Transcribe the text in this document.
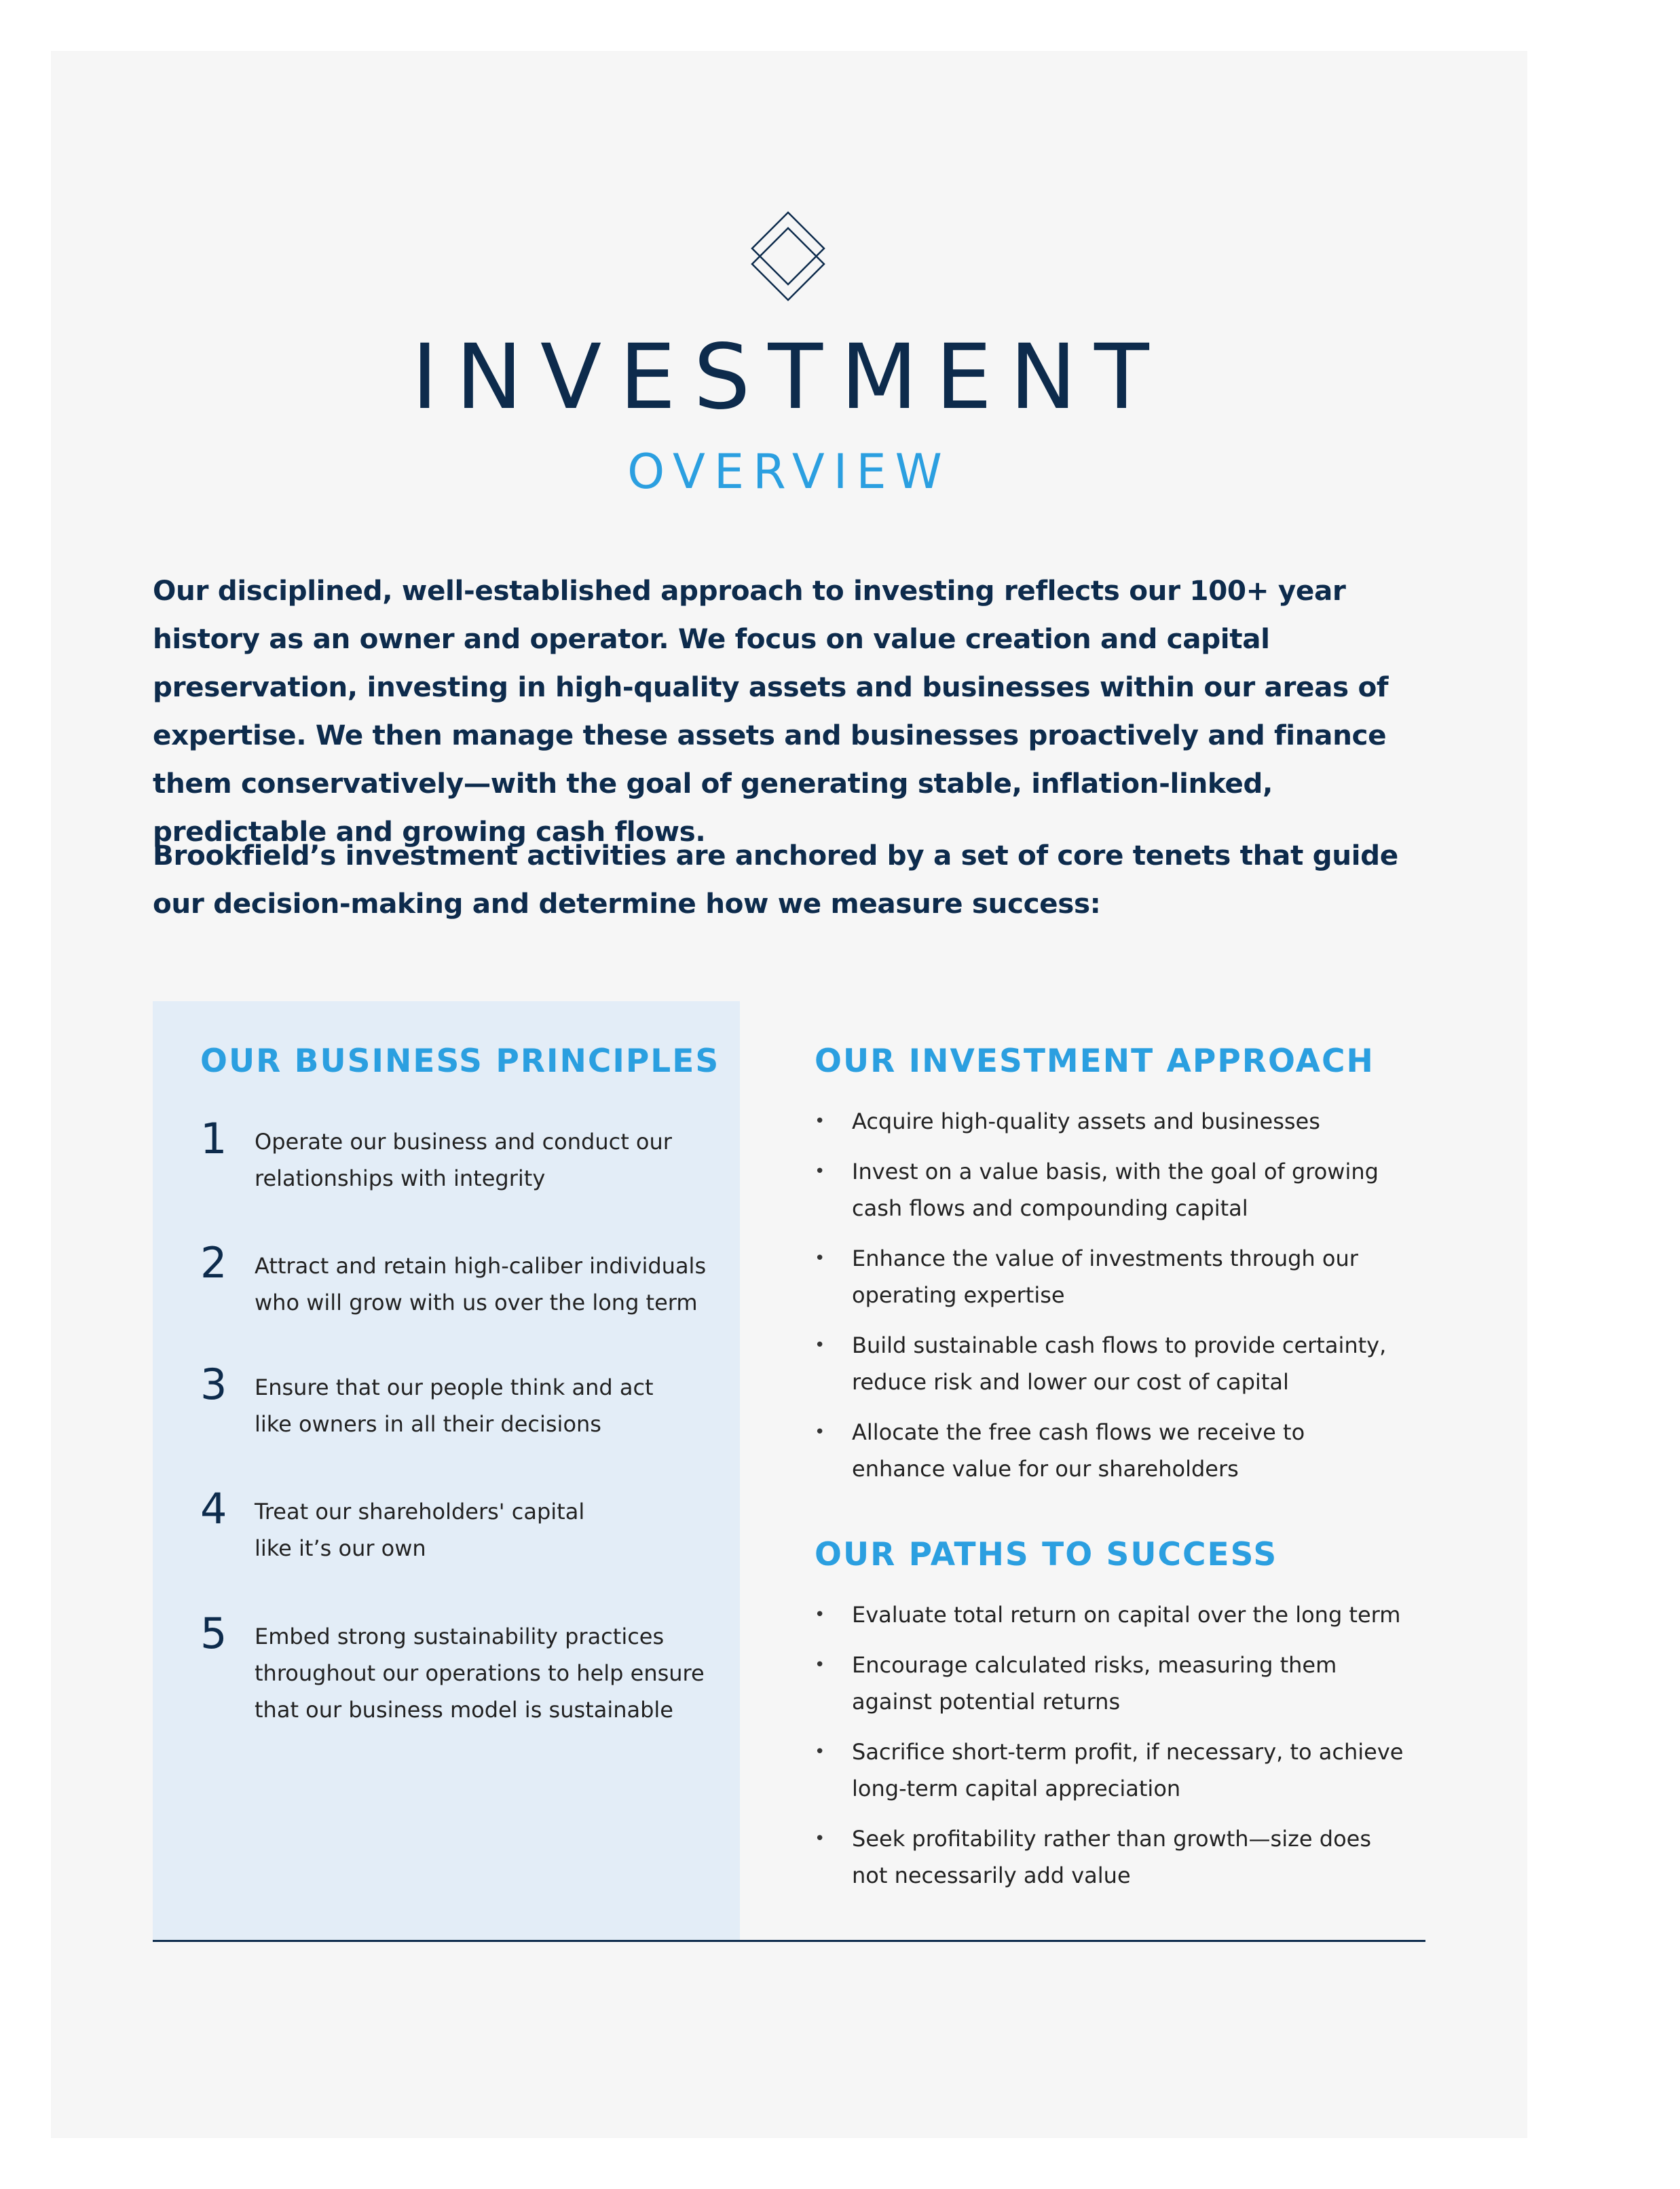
INVESTMENT
OVERVIEW

Our disciplined, well-established approach to investing reflects our 100+ year history as an owner and operator. We focus on value creation and capital preservation, investing in high-quality assets and businesses within our areas of expertise. We then manage these assets and businesses proactively and finance them conservatively—with the goal of generating stable, inflation-linked, predictable and growing cash flows.

Brookfield’s investment activities are anchored by a set of core tenets that guide our decision-making and determine how we measure success:

OUR BUSINESS PRINCIPLES
1 Operate our business and conduct our
relationships with integrity
2 Attract and retain high-caliber individuals
who will grow with us over the long term
3 Ensure that our people think and act
like owners in all their decisions
4 Treat our shareholders' capital
like it’s our own
5 Embed strong sustainability practices
throughout our operations to help ensure
that our business model is sustainable
OUR INVESTMENT APPROACH
• Acquire high-quality assets and businesses
• Invest on a value basis, with the goal of growing
cash flows and compounding capital
• Enhance the value of investments through our
operating expertise
• Build sustainable cash flows to provide certainty,
reduce risk and lower our cost of capital
• Allocate the free cash flows we receive to
enhance value for our shareholders
OUR PATHS TO SUCCESS
• Evaluate total return on capital over the long term
• Encourage calculated risks, measuring them
against potential returns
• Sacrifice short-term profit, if necessary, to achieve
long-term capital appreciation
• Seek profitability rather than growth—size does
not necessarily add value
